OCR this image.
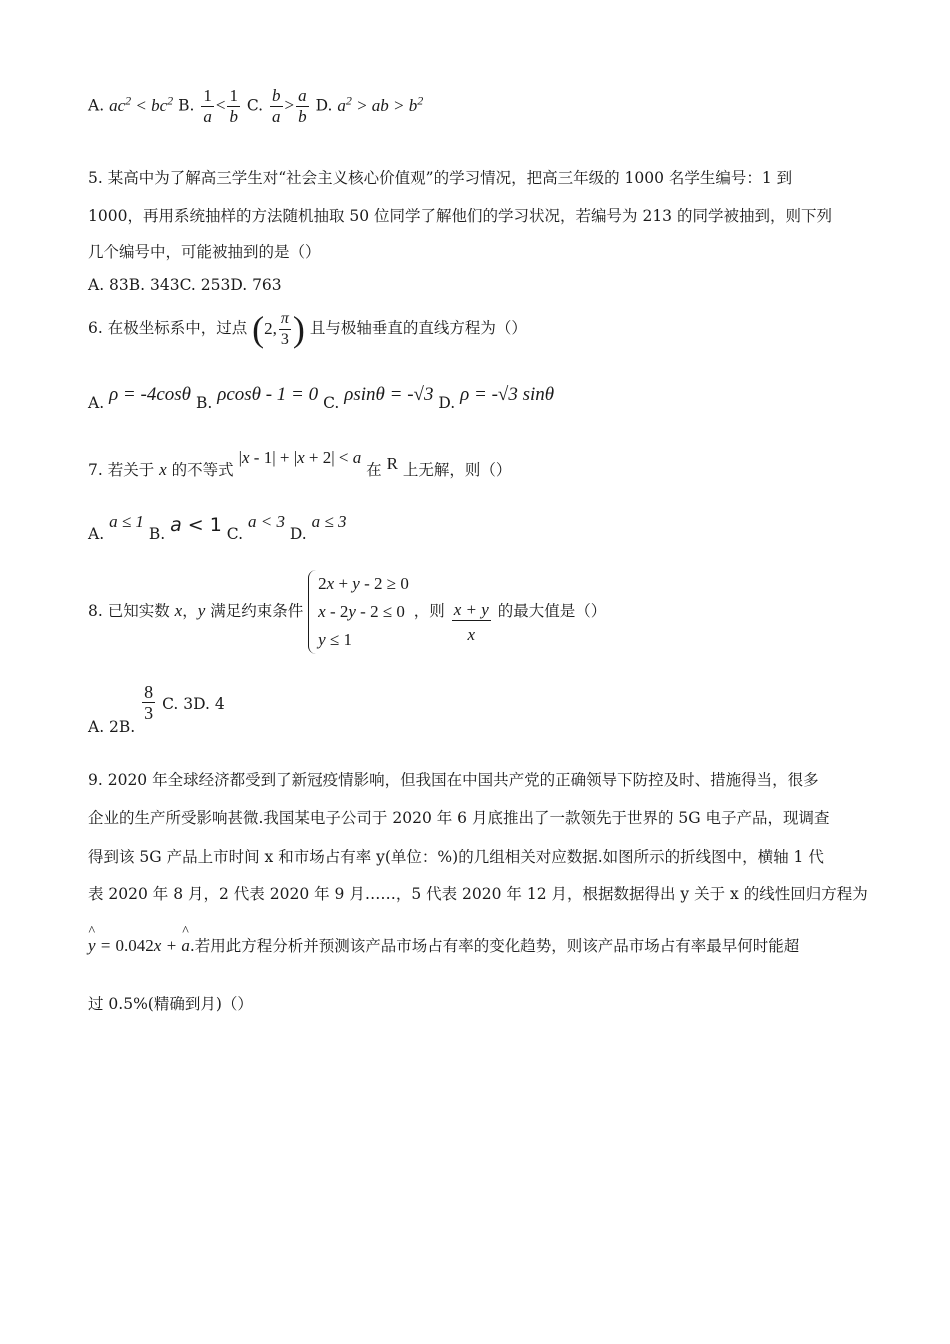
A. $ac^2 < bc^2$ B. $\frac{1}{a} < \frac{1}{b} C$. $\frac{b}{a} > \frac{a}{b} D$. $a^2$ > ab > $b^2$
5. 某高中为了解高三学生对“社会主义核心价值观”的学习情况，把高三年级的 1000 名学生编号：1 到
1000，再用系统抽样的方法随机抽取 50 位同学了解他们的学习状况，若编号为 213 的同学被抽到，则下列
几个编号中，可能被抽到的是（）
A. 83B. 343C. 253D. 763
6. 在极坐标系中，过点 (2, $\frac{\pi}{3}$ ) 且与极轴垂直的直线方程为（）
A. ρ = -4cosθ B. ρcosθ - 1 = 0 C. ρsinθ = -√3 D. ρ = -√3 sinθ
7. 若关于 x 的不等式 |x - 1| + |x + 2| < a 在 R 上无解，则（）
A. a ≤ 1 B. a < 1 C. a < 3 D. a ≤ 3
8. 已知实数 x，y 满足约束条件
2x + y - 2 ≥ 0
x - 2y - 2 ≤ 0
y ≤ 1 ，则 $\frac{x + y}{x}$ 的最大值是（）
A. 2B.
$\frac{8}{3} C$. 3D. 4
9. 2020 年全球经济都受到了新冠疫情影响，但我国在中国共产党的正确领导下防控及时、措施得当，很多
企业的生产所受影响甚微.我国某电子公司于 2020 年 6 月底推出了一款领先于世界的 5G 电子产品，现调查
得到该 5G 产品上市时间 x 和市场占有率 y(单位：%)的几组相关对应数据.如图所示的折线图中，横轴 1 代
表 2020 年 8 月，2 代表 2020 年 9 月……，5 代表 2020 年 12 月，根据数据得出 y 关于 x 的线性回归方程为
y ^ = 0.042x + a ^.若用此方程分析并预测该产品市场占有率的变化趋势，则该产品市场占有率最早何时能超
过 0.5%(精确到月)（）
